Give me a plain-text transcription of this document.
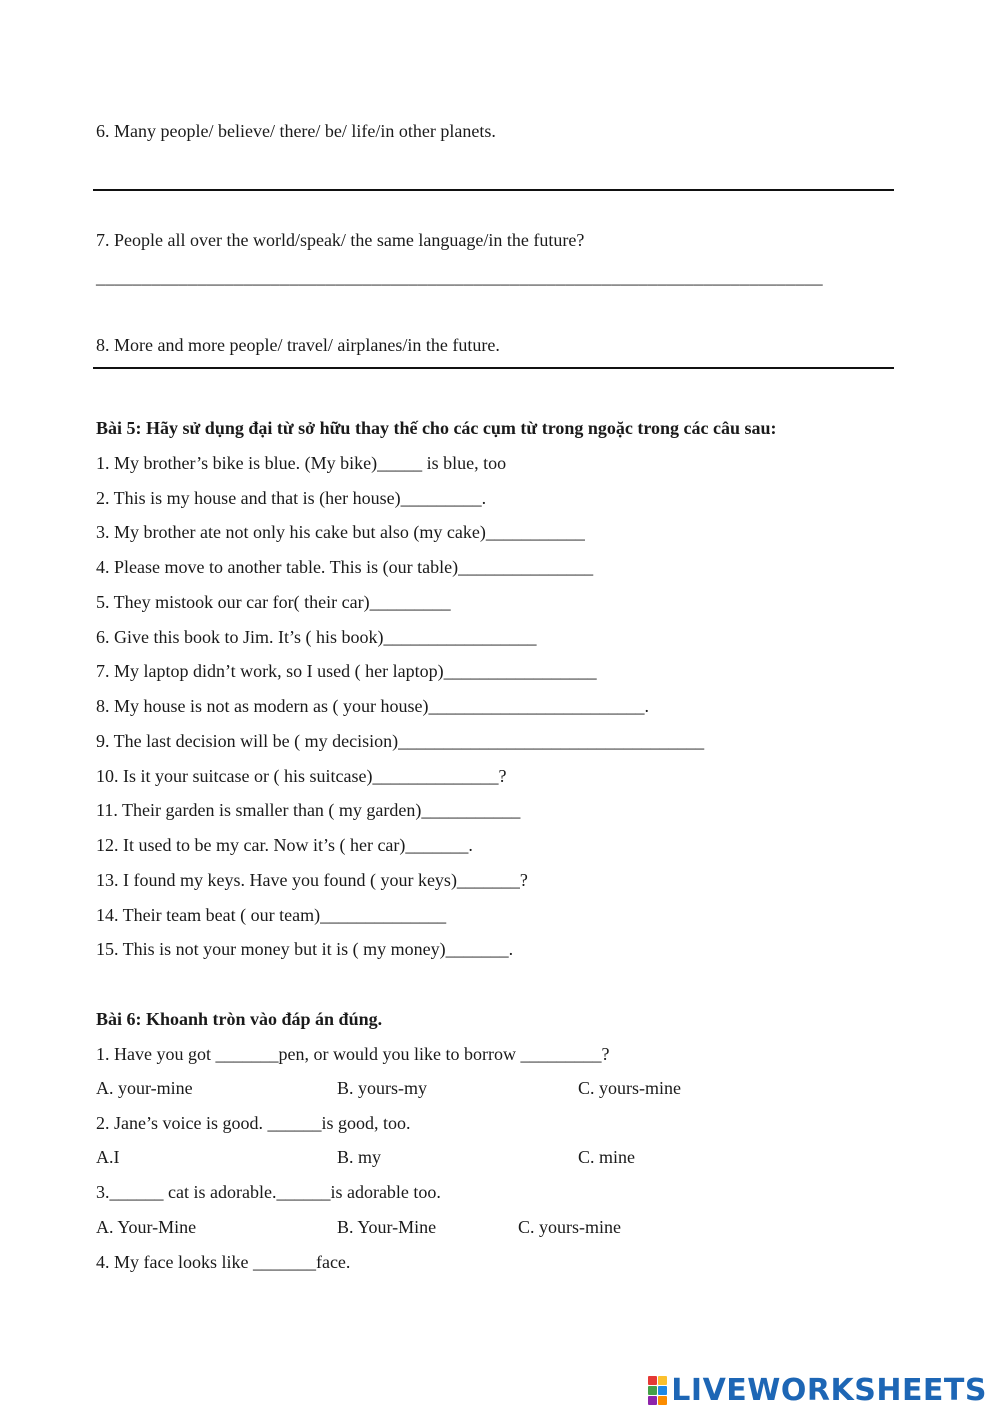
6. Many people/ believe/ there/ be/ life/in other planets.
7. People all over the world/speak/ the same language/in the future?
_______________________________________________________________________________
8. More and more people/ travel/ airplanes/in the future.
Bài 5: Hãy sử dụng đại từ sở hữu thay thế cho các cụm từ trong ngoặc trong các câu sau:
1. My brother’s bike is blue. (My bike)_____ is blue, too
2. This is my house and that is (her house)_________.
3. My brother ate not only his cake but also (my cake)___________
4. Please move to another table. This is (our table)_______________
5. They mistook our car for( their car)_________
6. Give this book to Jim. It’s ( his book)_________________
7. My laptop didn’t work, so I used ( her laptop)_________________
8. My house is not as modern as ( your house)________________________.
9. The last decision will be ( my decision)__________________________________
10. Is it your suitcase or ( his suitcase)______________?
11. Their garden is smaller than ( my garden)___________
12. It used to be my car. Now it’s ( her car)_______.
13. I found my keys. Have you found ( your keys)_______?
14. Their team beat ( our team)______________
15. This is not your money but it is ( my money)_______.
Bài 6: Khoanh tròn vào đáp án đúng.
1. Have you got _______pen, or would you like to borrow _________?
A. your-mine	B. yours-my	C. yours-mine
2. Jane’s voice is good. ______is good, too.
A.I	B. my	C. mine
3.______ cat is adorable.______is adorable too.
A. Your-Mine	B. Your-Mine	C. yours-mine
4. My face looks like _______face.
LIVEWORKSHEETS
